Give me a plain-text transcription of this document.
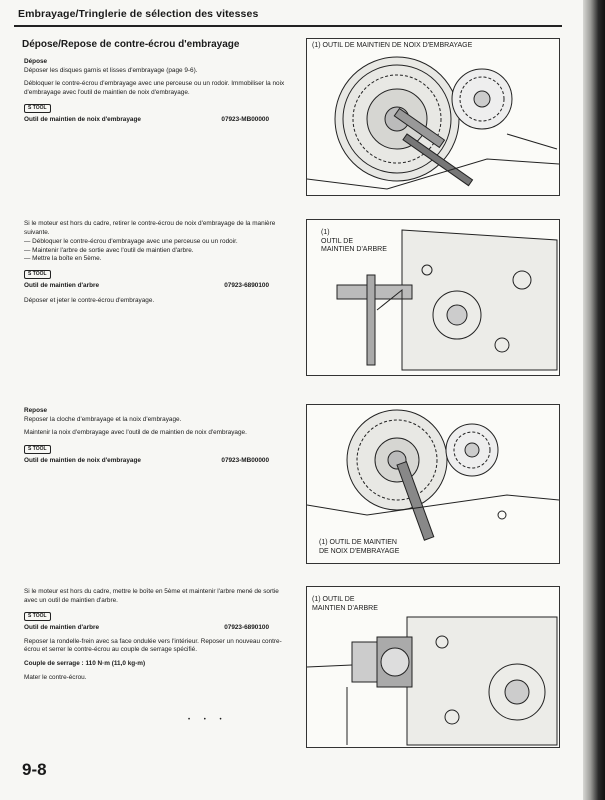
Embrayage/Tringlerie de sélection des vitesses
Dépose/Repose de contre-écrou d'embrayage

Dépose

Déposer les disques garnis et lisses d'embrayage (page 9-6).

Débloquer le contre-écrou d'embrayage avec une perceuse ou un rodoir. Immobiliser la noix d'embrayage avec l'outil de maintien de noix d'embrayage.

S TOOL
Outil de maintien de noix d'embrayage	07923-MB00000

Si le moteur est hors du cadre, retirer le contre-écrou de noix d'embrayage de la manière suivante.

— Débloquer le contre-écrou d'embrayage avec une perceuse ou un rodoir.
— Maintenir l'arbre de sortie avec l'outil de maintien d'arbre.
— Mettre la boîte en 5ème.
S TOOL
Outil de maintien d'arbre	07923-6890100

Déposer et jeter le contre-écrou d'embrayage.

Repose

Reposer la cloche d'embrayage et la noix d'embrayage.

Maintenir la noix d'embrayage avec l'outil de de maintien de noix d'embrayage.

S TOOL
Outil de maintien de noix d'embrayage	07923-MB00000

Si le moteur est hors du cadre, mettre le boîte en 5ème et maintenir l'arbre mené de sortie avec un outil de maintien d'arbre.

S TOOL
Outil de maintien d'arbre	07923-6890100

Reposer la rondelle-frein avec sa face ondulée vers l'intérieur. Reposer un nouveau contre-écrou et serrer le contre-écrou au couple de serrage spécifié.

Couple de serrage : 110 N·m (11,0 kg-m)

Mater le contre-écrou.

• • •
(1) OUTIL DE MAINTIEN DE NOIX D'EMBRAYAGE
(1)
OUTIL DE
MAINTIEN D'ARBRE
(1) OUTIL DE MAINTIEN
DE NOIX D'EMBRAYAGE
(1) OUTIL DE
MAINTIEN D'ARBRE
9-8
